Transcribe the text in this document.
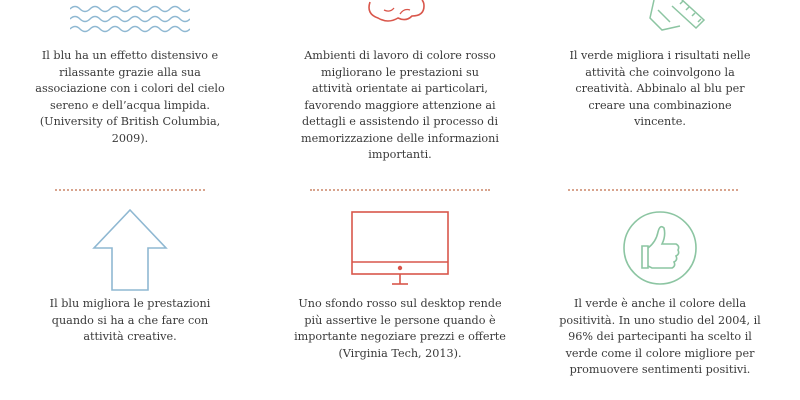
Il blu ha un effetto distensivo e rilassante grazie alla sua associazione con i colori del cielo sereno e dell’acqua limpida. (University of British Columbia, 2009).

Ambienti di lavoro di colore rosso migliorano le prestazioni su attività orientate ai particolari, favorendo maggiore attenzione ai dettagli e assistendo il processo di memorizzazione delle informazioni importanti.

Il verde migliora i risultati nelle attività che coinvolgono la creatività. Abbinalo al blu per creare una combinazione vincente.

Il blu migliora le prestazioni quando si ha a che fare con attività creative.

Uno sfondo rosso sul desktop rende più assertive le persone quando è importante negoziare prezzi e offerte (Virginia Tech, 2013).

Il verde è anche il colore della positività. In uno studio del 2004, il 96% dei partecipanti ha scelto il verde come il colore migliore per promuovere sentimenti positivi.
